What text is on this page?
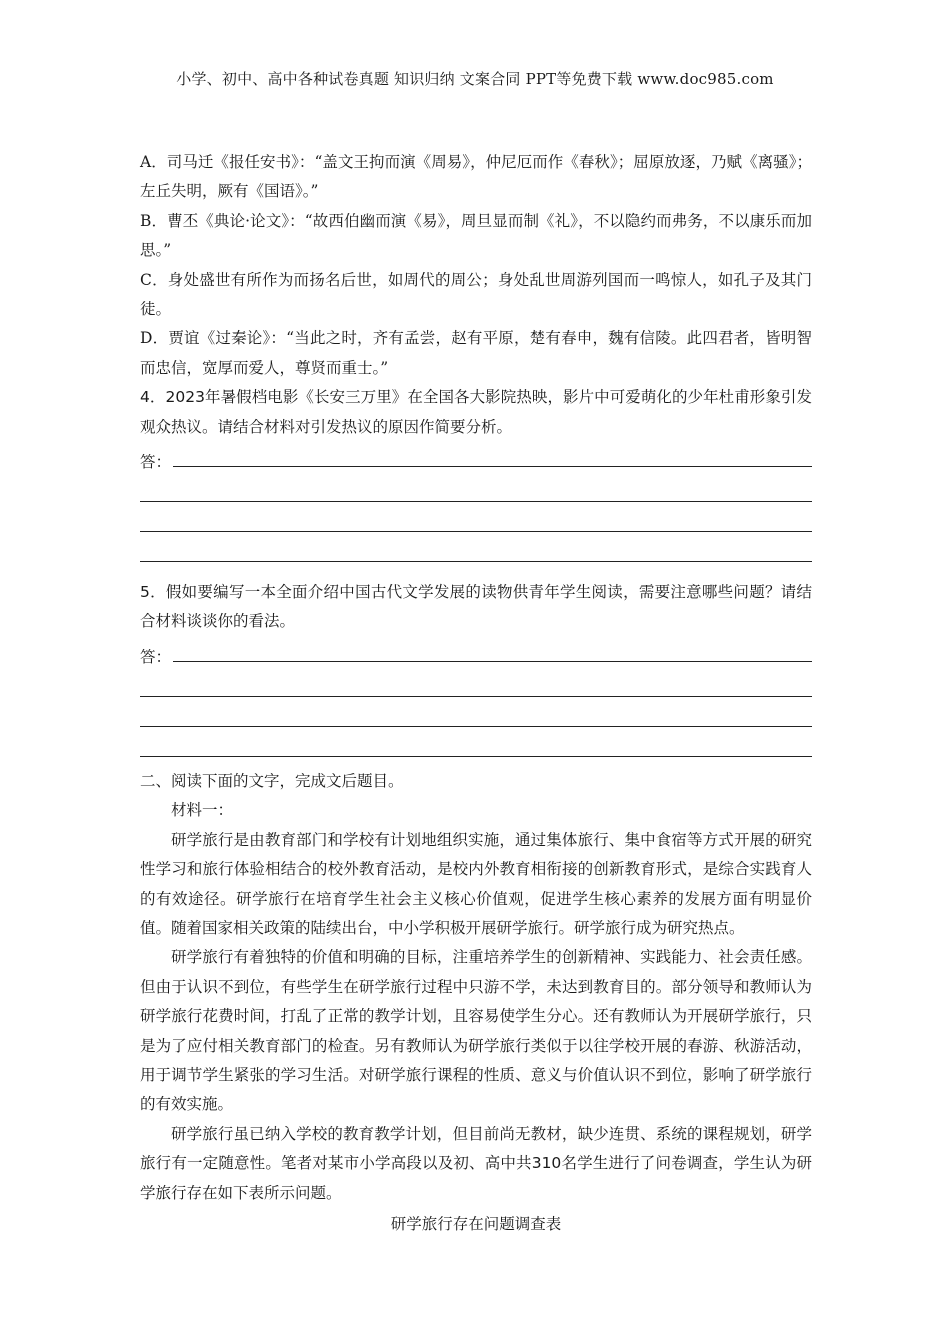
小学、初中、高中各种试卷真题 知识归纳 文案合同 PPT等免费下载 www.doc985.com

A．司马迁《报任安书》：“盖文王拘而演《周易》，仲尼厄而作《春秋》；屈原放逐，乃赋《离骚》；左丘失明，厥有《国语》。”

B．曹丕《典论·论文》：“故西伯幽而演《易》，周旦显而制《礼》，不以隐约而弗务，不以康乐而加思。”

C．身处盛世有所作为而扬名后世，如周代的周公；身处乱世周游列国而一鸣惊人，如孔子及其门徒。

D．贾谊《过秦论》：“当此之时，齐有孟尝，赵有平原，楚有春申，魏有信陵。此四君者，皆明智而忠信，宽厚而爱人，尊贤而重士。”

4．2023年暑假档电影《长安三万里》在全国各大影院热映，影片中可爱萌化的少年杜甫形象引发观众热议。请结合材料对引发热议的原因作简要分析。

答：

5．假如要编写一本全面介绍中国古代文学发展的读物供青年学生阅读，需要注意哪些问题？请结合材料谈谈你的看法。

答：

二、阅读下面的文字，完成文后题目。

材料一：

研学旅行是由教育部门和学校有计划地组织实施，通过集体旅行、集中食宿等方式开展的研究性学习和旅行体验相结合的校外教育活动，是校内外教育相衔接的创新教育形式，是综合实践育人的有效途径。研学旅行在培育学生社会主义核心价值观，促进学生核心素养的发展方面有明显价值。随着国家相关政策的陆续出台，中小学积极开展研学旅行。研学旅行成为研究热点。

研学旅行有着独特的价值和明确的目标，注重培养学生的创新精神、实践能力、社会责任感。但由于认识不到位，有些学生在研学旅行过程中只游不学，未达到教育目的。部分领导和教师认为研学旅行花费时间，打乱了正常的教学计划，且容易使学生分心。还有教师认为开展研学旅行，只是为了应付相关教育部门的检查。另有教师认为研学旅行类似于以往学校开展的春游、秋游活动，用于调节学生紧张的学习生活。对研学旅行课程的性质、意义与价值认识不到位，影响了研学旅行的有效实施。

研学旅行虽已纳入学校的教育教学计划，但目前尚无教材，缺少连贯、系统的课程规划，研学旅行有一定随意性。笔者对某市小学高段以及初、高中共310名学生进行了问卷调查，学生认为研学旅行存在如下表所示问题。

研学旅行存在问题调查表
